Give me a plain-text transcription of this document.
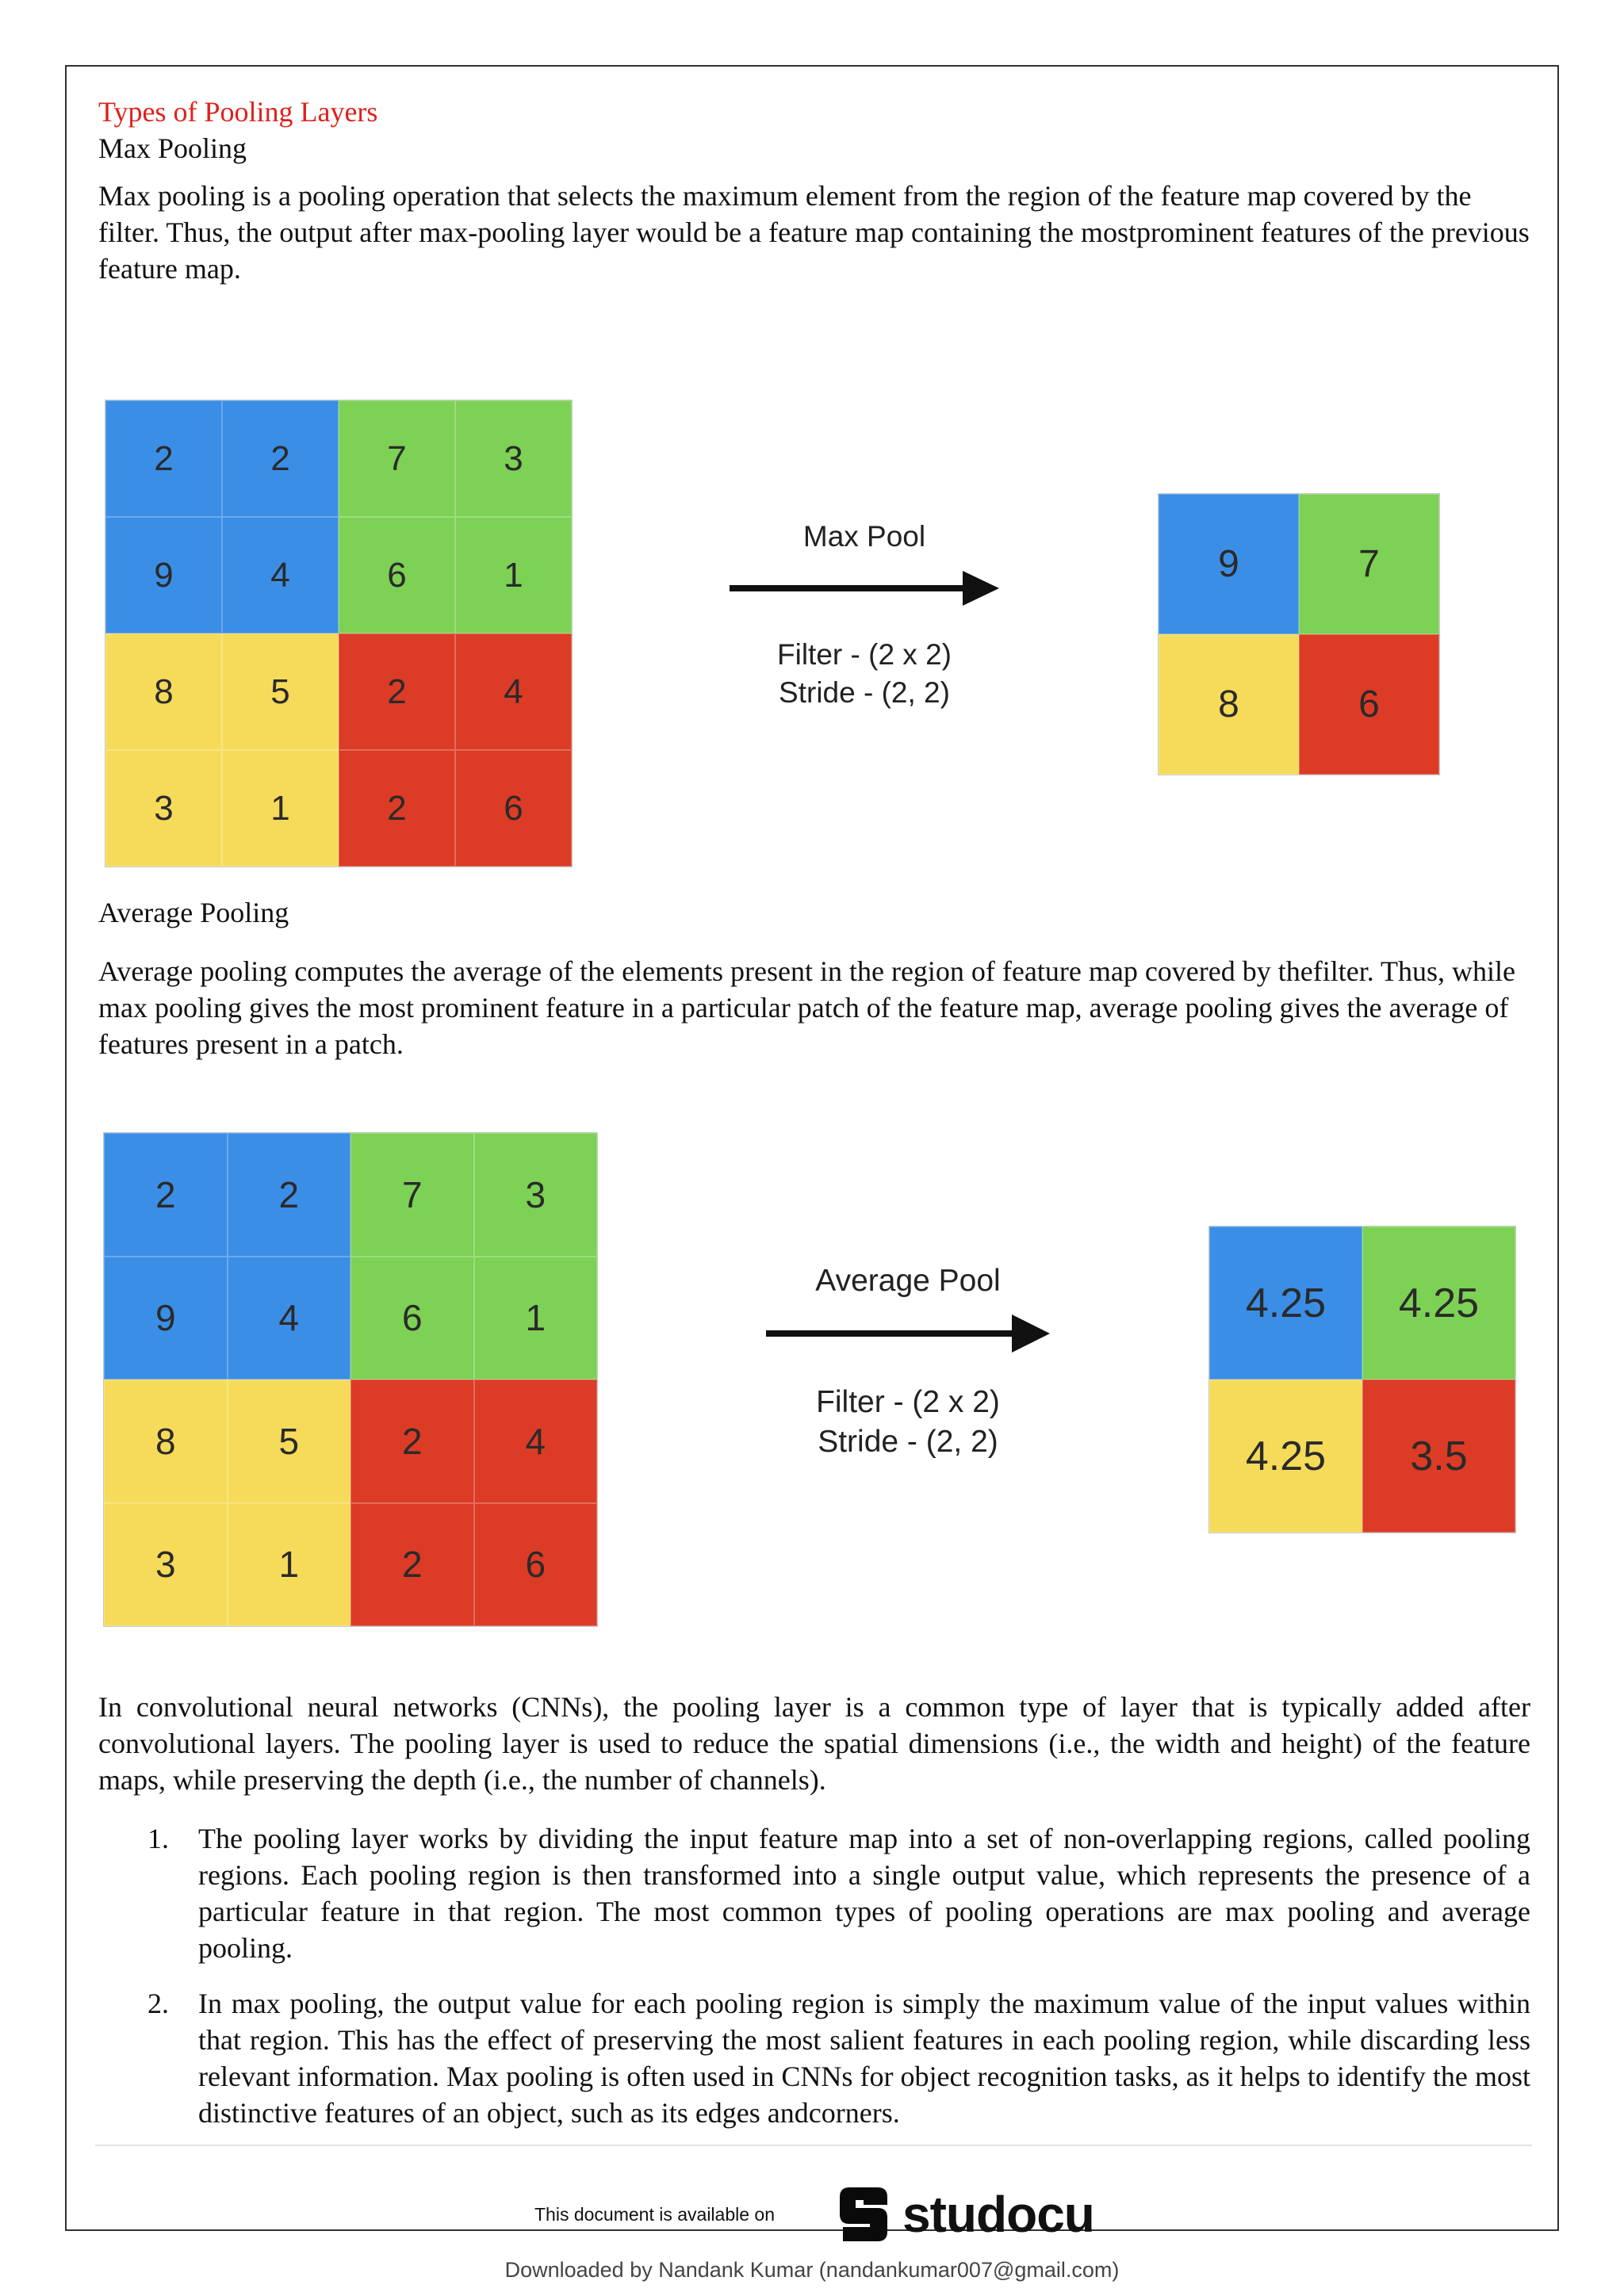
Types of Pooling Layers
Max Pooling
Max pooling is a pooling operation that selects the maximum element from the region of the feature map covered by the filter. Thus, the output after max-pooling layer would be a feature map containing the mostprominent features of the previous feature map.
2	2	7	3
9	4	6	1
8	5	2	4
3	1	2	6
Max Pool
Filter - (2 x 2)
Stride - (2, 2)
9	7
8	6
Average Pooling
Average pooling computes the average of the elements present in the region of feature map covered by thefilter. Thus, while max pooling gives the most prominent feature in a particular patch of the feature map, average pooling gives the average of features present in a patch.
2	2	7	3
9	4	6	1
8	5	2	4
3	1	2	6
Average Pool
Filter - (2 x 2)
Stride - (2, 2)
4.25	4.25
4.25	3.5
In convolutional neural networks (CNNs), the pooling layer is a common type of layer that is typically added after convolutional layers. The pooling layer is used to reduce the spatial dimensions (i.e., the width and height) of the feature maps, while preserving the depth (i.e., the number of channels).
1. The pooling layer works by dividing the input feature map into a set of non-overlapping regions, called pooling regions. Each pooling region is then transformed into a single output value, which represents the presence of a particular feature in that region. The most common types of pooling operations are max pooling and average pooling.
2. In max pooling, the output value for each pooling region is simply the maximum value of the input values within that region. This has the effect of preserving the most salient features in each pooling region, while discarding less relevant information. Max pooling is often used in CNNs for object recognition tasks, as it helps to identify the most distinctive features of an object, such as its edges andcorners.
This document is available on	studocu
Downloaded by Nandank Kumar (nandankumar007@gmail.com)
